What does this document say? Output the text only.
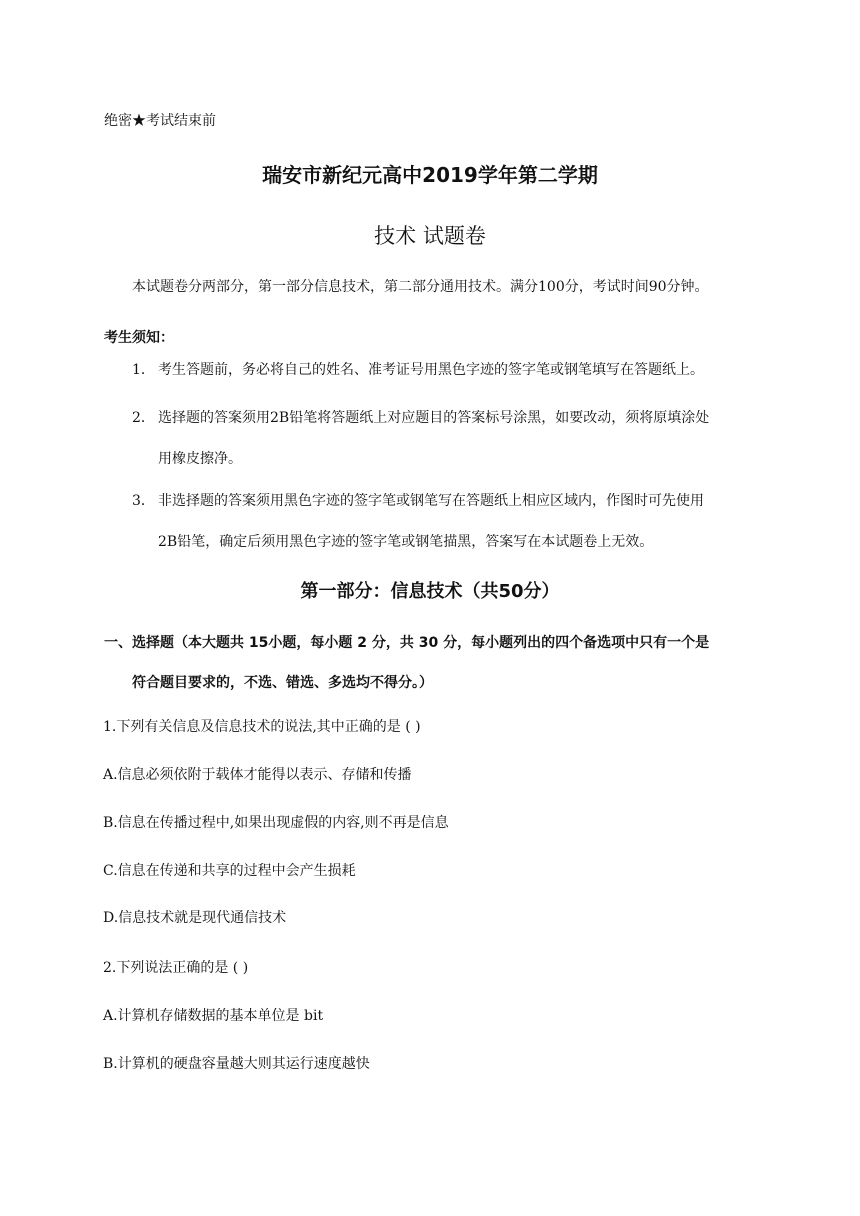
绝密★考试结束前
瑞安市新纪元高中2019学年第二学期
技术 试题卷
本试题卷分两部分，第一部分信息技术，第二部分通用技术。满分100分，考试时间90分钟。
考生须知：
1． 考生答题前，务必将自己的姓名、准考证号用黑色字迹的签字笔或钢笔填写在答题纸上。
2． 选择题的答案须用2B铅笔将答题纸上对应题目的答案标号涂黑，如要改动，须将原填涂处
用橡皮擦净。
3． 非选择题的答案须用黑色字迹的签字笔或钢笔写在答题纸上相应区域内，作图时可先使用
2B铅笔，确定后须用黑色字迹的签字笔或钢笔描黑，答案写在本试题卷上无效。
第一部分：信息技术（共50分）
一、选择题（本大题共 15小题，每小题 2 分，共 30 分，每小题列出的四个备选项中只有一个是
符合题目要求的，不选、错选、多选均不得分。）
1.下列有关信息及信息技术的说法,其中正确的是 ( )
A.信息必须依附于载体才能得以表示、存储和传播
B.信息在传播过程中,如果出现虚假的内容,则不再是信息
C.信息在传递和共享的过程中会产生损耗
D.信息技术就是现代通信技术
2.下列说法正确的是 ( )
A.计算机存储数据的基本单位是 bit
B.计算机的硬盘容量越大则其运行速度越快
